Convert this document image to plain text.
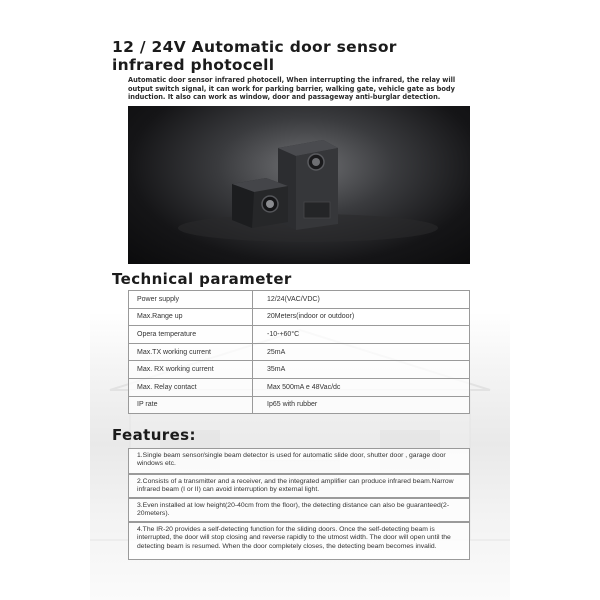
12 / 24V Automatic door sensor infrared photocell
Automatic door sensor infrared photocell, When interrupting the infrared, the relay will output switch signal, it can work for parking barrier, walking gate, vehicle gate as body induction. It also can work as window, door and passageway anti-burglar detection.
Technical parameter
Power supply	12/24(VAC/VDC)
Max.Range up	20Meters(indoor or outdoor)
Opera temperature	-10-+60°C
Max.TX working current	25mA
Max. RX working current	35mA
Max. Relay contact	Max 500mA e 48Vac/dc
IP rate	Ip65 with rubber
Features:
1.Single beam sensor/single beam detector is used for automatic slide door, shutter door , garage door windows etc.
2.Consists of a transmitter and a receiver, and the integrated amplifier can produce infrared beam.Narrow infrared beam (I or II) can avoid interruption by external light.
3.Even installed at low height(20-40cm from the floor), the detecting distance can also be guaranteed(2-20meters).
4.The IR-20 provides a self-detecting function for the sliding doors. Once the self-detecting beam is interrupted, the door will stop closing and reverse rapidly to the utmost width. The door will open until the detecting beam is resumed. When the door completely closes, the detecting beam becomes invalid.
